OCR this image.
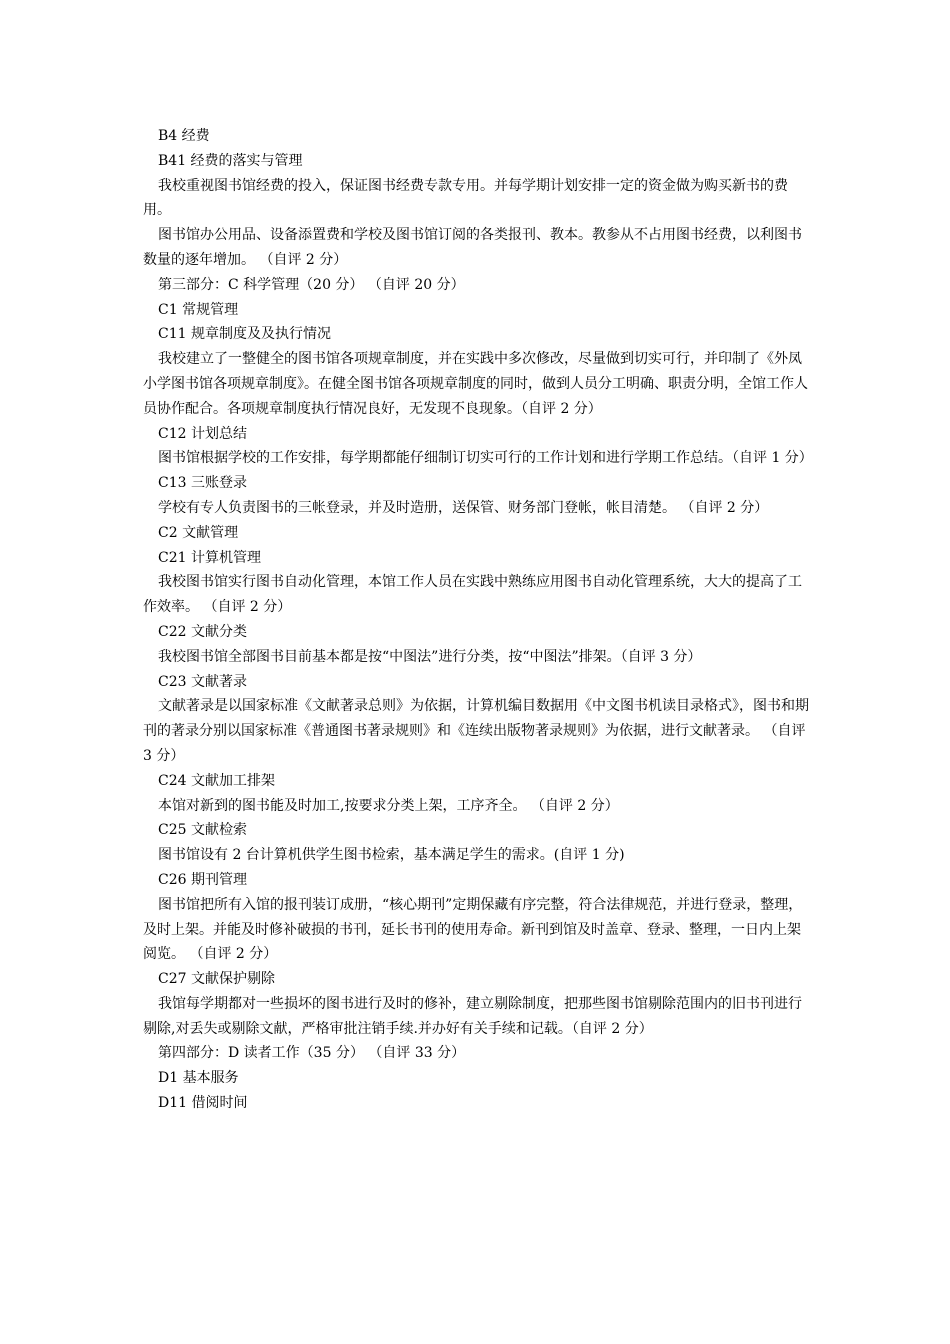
B4 经费

B41 经费的落实与管理

我校重视图书馆经费的投入，保证图书经费专款专用。并每学期计划安排一定的资金做为购买新书的费用。

图书馆办公用品、设备添置费和学校及图书馆订阅的各类报刊、教本。教参从不占用图书经费，以利图书数量的逐年增加。 （自评 2 分）

第三部分：C 科学管理（20 分） （自评 20 分）

C1 常规管理

C11 规章制度及及执行情况

我校建立了一整健全的图书馆各项规章制度，并在实践中多次修改，尽量做到切实可行，并印制了《外凤小学图书馆各项规章制度》。在健全图书馆各项规章制度的同时，做到人员分工明确、职责分明，全馆工作人员协作配合。各项规章制度执行情况良好，无发现不良现象。（自评 2 分）

C12 计划总结

图书馆根据学校的工作安排，每学期都能仔细制订切实可行的工作计划和进行学期工作总结。（自评 1 分）

C13 三账登录

学校有专人负责图书的三帐登录，并及时造册，送保管、财务部门登帐，帐目清楚。 （自评 2 分）

C2 文献管理

C21 计算机管理

我校图书馆实行图书自动化管理，本馆工作人员在实践中熟练应用图书自动化管理系统，大大的提高了工作效率。 （自评 2 分）

C22 文献分类

我校图书馆全部图书目前基本都是按“中图法”进行分类，按“中图法”排架。（自评 3 分）

C23 文献著录

文献著录是以国家标准《文献著录总则》为依据，计算机编目数据用《中文图书机读目录格式》，图书和期刊的著录分别以国家标准《普通图书著录规则》和《连续出版物著录规则》为依据，进行文献著录。 （自评 3 分）

C24 文献加工排架

本馆对新到的图书能及时加工,按要求分类上架，工序齐全。 （自评 2 分）

C25 文献检索

图书馆设有 2 台计算机供学生图书检索，基本满足学生的需求。(自评 1 分)

C26 期刊管理

图书馆把所有入馆的报刊装订成册，“核心期刊”定期保藏有序完整，符合法律规范，并进行登录，整理，及时上架。并能及时修补破损的书刊，延长书刊的使用寿命。新刊到馆及时盖章、登录、整理，一日内上架阅览。 （自评 2 分）

C27 文献保护剔除

我馆每学期都对一些损坏的图书进行及时的修补，建立剔除制度，把那些图书馆剔除范围内的旧书刊进行剔除,对丢失或剔除文献，严格审批注销手续.并办好有关手续和记载。（自评 2 分）

第四部分：D 读者工作（35 分） （自评 33 分）

D1 基本服务

D11 借阅时间
